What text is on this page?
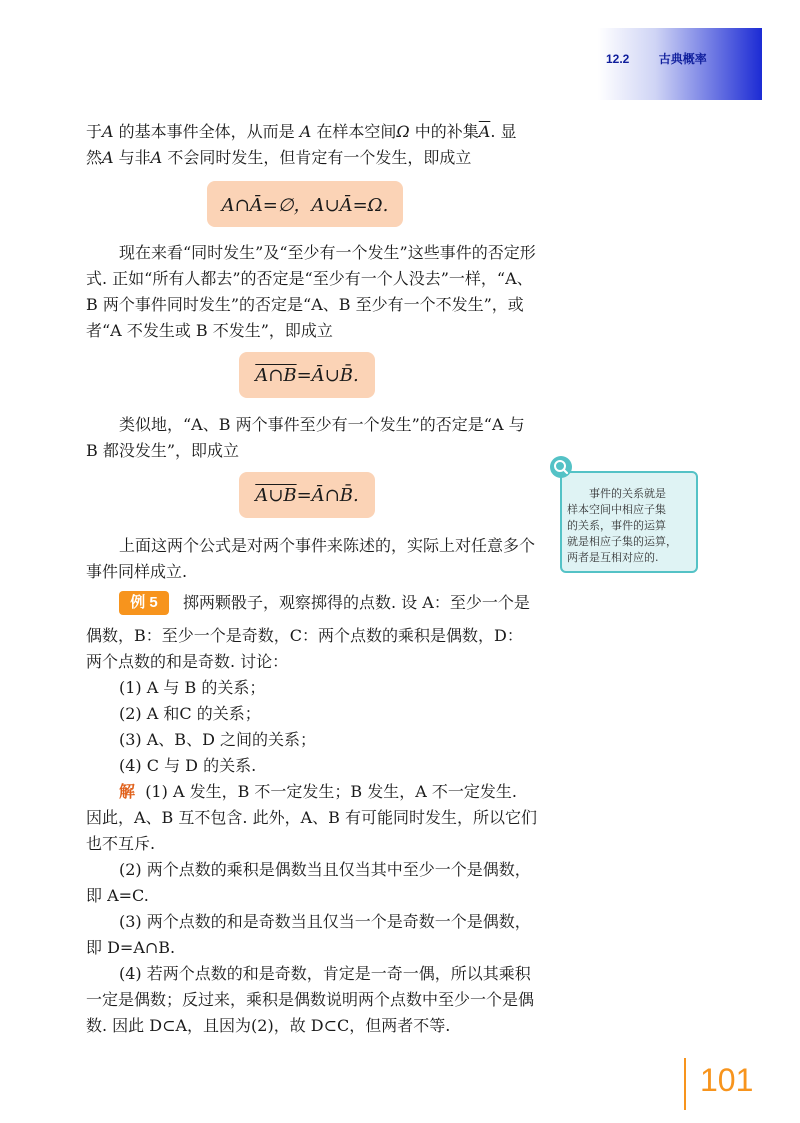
12.2 古典概率
于A 的基本事件全体，从而是 A 在样本空间Ω 中的补集$\overline{A}$. 显
然A 与非A 不会同时发生，但肯定有一个发生，即成立
A∩Ā=∅，A∪Ā=Ω.
现在来看“同时发生”及“至少有一个发生”这些事件的否定形
式. 正如“所有人都去”的否定是“至少有一个人没去”一样，“A、
B 两个事件同时发生”的否定是“A、B 至少有一个不发生”，或
者“A 不发生或 B 不发生”，即成立
A∩B =Ā∪B̄.
类似地，“A、B 两个事件至少有一个发生”的否定是“A 与
B 都没发生”，即成立
A∪B =Ā∩B̄.
上面这两个公式是对两个事件来陈述的，实际上对任意多个
事件同样成立.
例 5	掷两颗骰子，观察掷得的点数. 设 A：至少一个是
偶数，B：至少一个是奇数，C：两个点数的乘积是偶数，D：
两个点数的和是奇数. 讨论：
(1) A 与 B 的关系；
(2) A 和C 的关系；
(3) A、B、D 之间的关系；
(4) C 与 D 的关系.
解 (1) A 发生，B 不一定发生；B 发生，A 不一定发生.
因此，A、B 互不包含. 此外，A、B 有可能同时发生，所以它们
也不互斥.
(2) 两个点数的乘积是偶数当且仅当其中至少一个是偶数，
即 A=C.
(3) 两个点数的和是奇数当且仅当一个是奇数一个是偶数，
即 D=A∩B.
(4) 若两个点数的和是奇数，肯定是一奇一偶，所以其乘积
一定是偶数；反过来，乘积是偶数说明两个点数中至少一个是偶
数. 因此 D⊂A，且因为(2)，故 D⊂C，但两者不等.
事件的关系就是
样本空间中相应子集
的关系，事件的运算
就是相应子集的运算，
两者是互相对应的.
101
